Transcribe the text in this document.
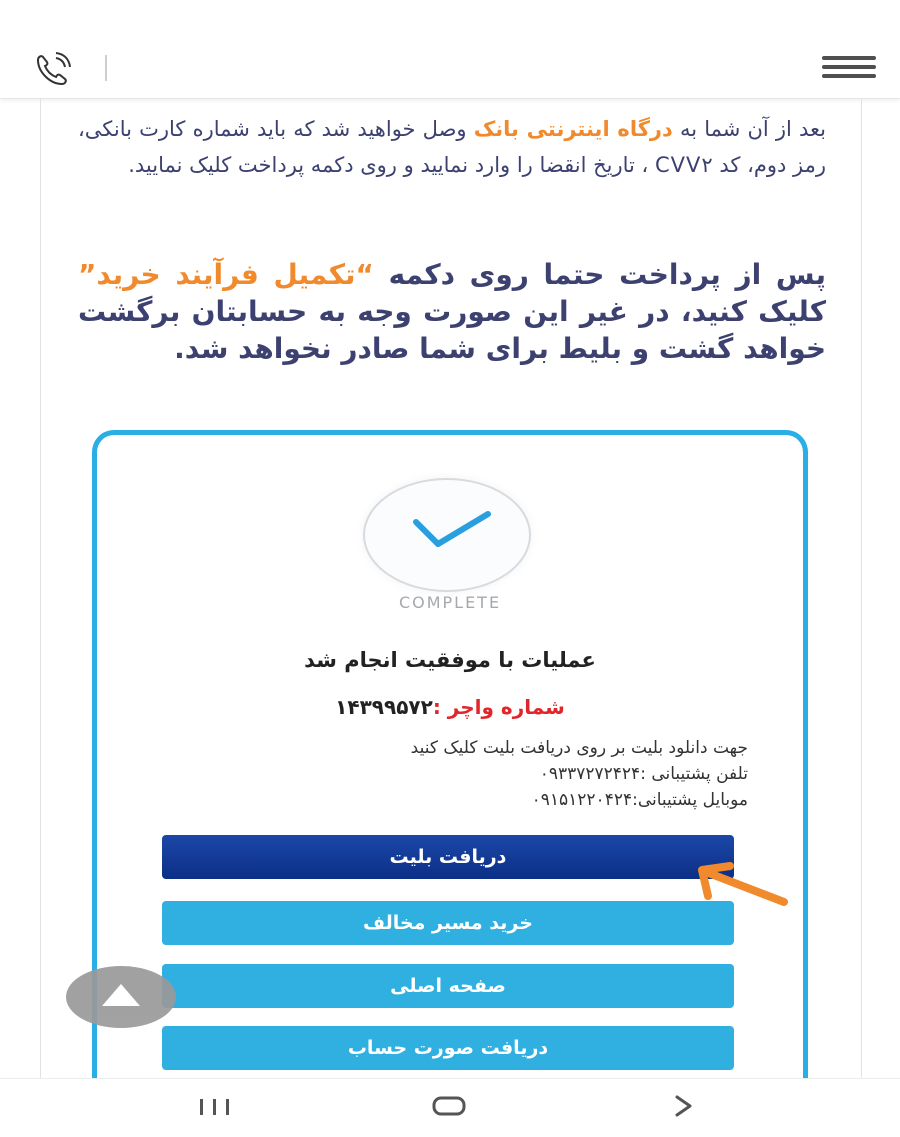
بعد از آن شما به درگاه اینترنتی بانک وصل خواهید شد که باید شماره کارت بانکی، رمز دوم، کد CVV۲ ، تاریخ انقضا را وارد نمایید و روی دکمه پرداخت کلیک نمایید.
پس از پرداخت حتما روی دکمه “تکمیل فرآیند خرید” کلیک کنید، در غیر این صورت وجه به حسابتان برگشت خواهد گشت و بلیط برای شما صادر نخواهد شد.
COMPLETE
عملیات با موفقیت انجام شد
شماره واچر :۱۴۳۹۹۵۷۲
جهت دانلود بلیت بر روی دریافت بلیت کلیک کنید
تلفن پشتیبانی :۰۹۳۳۷۲۷۲۴۲۴
موبایل پشتیبانی:۰۹۱۵۱۲۲۰۴۲۴
دریافت بلیت
خرید مسیر مخالف
صفحه اصلی
دریافت صورت حساب
